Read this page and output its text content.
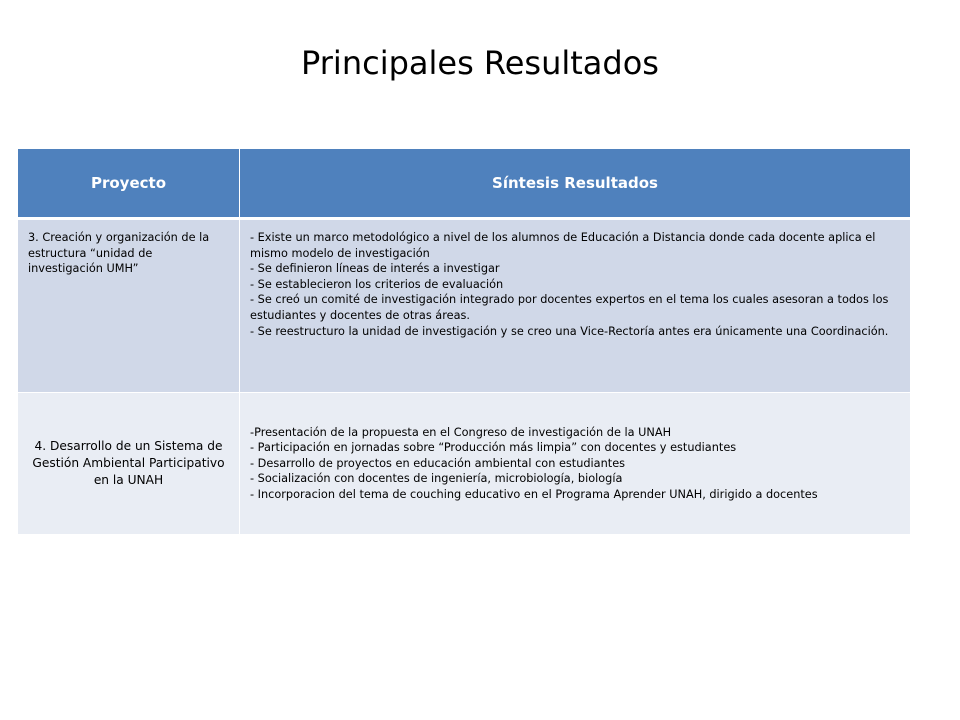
Principales Resultados
Proyecto	Síntesis Resultados
3. Creación y organización de la estructura “unidad de investigación UMH”	- Existe un marco metodológico a nivel de los alumnos de Educación a Distancia donde cada docente aplica el mismo modelo de investigación
- Se definieron líneas de interés a investigar
- Se establecieron los criterios de evaluación
- Se creó un comité de investigación integrado por docentes expertos en el tema los cuales asesoran a todos los estudiantes y docentes de otras áreas.
- Se reestructuro la unidad de investigación y se creo una Vice-Rectoría antes era únicamente una Coordinación.

4. Desarrollo de un Sistema de Gestión Ambiental Participativo en la UNAH	-Presentación de la propuesta en el Congreso de investigación de la UNAH
- Participación en jornadas sobre “Producción más limpia” con docentes y estudiantes
- Desarrollo de proyectos en educación ambiental con estudiantes
- Socialización con docentes de ingeniería, microbiología, biología
- Incorporacion del tema de couching educativo en el Programa Aprender UNAH, dirigido a docentes
